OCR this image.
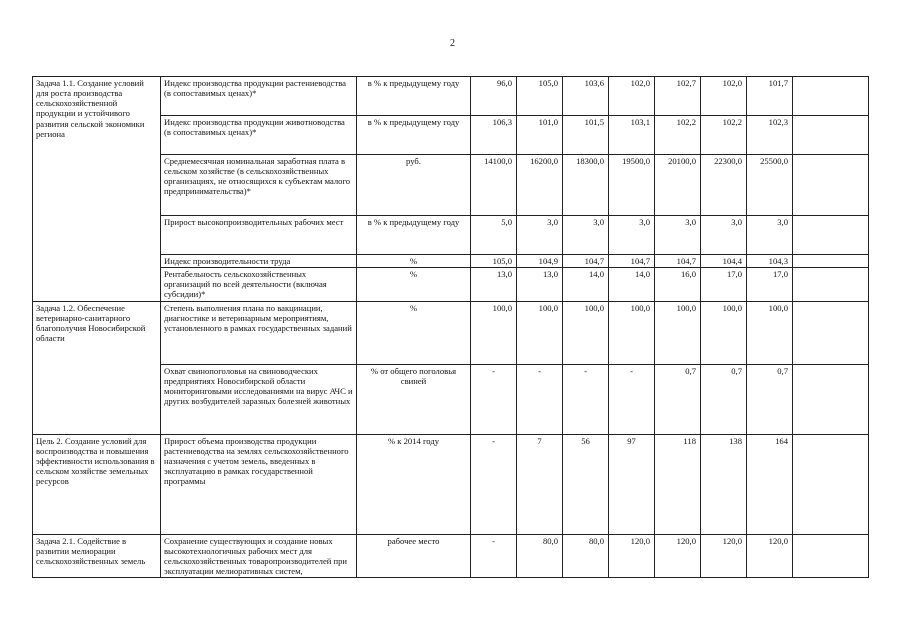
2
Задача 1.1. Создание условий для роста производства сельскохозяйственной продукции и устойчивого развития сельской экономики региона	Индекс производства продукции растениеводства (в сопоставимых ценах)*	в % к предыдущему году	96,0	105,0	103,6	102,0	102,7	102,0	101,7	
	Индекс производства продукции животноводства (в сопоставимых ценах)*	в % к предыдущему году	106,3	101,0	101,5	103,1	102,2	102,2	102,3	
	Среднемесячная номинальная заработная плата в сельском хозяйстве (в сельскохозяйственных организациях, не относящихся к субъектам малого предпринимательства)*	руб.	14100,0	16200,0	18300,0	19500,0	20100,0	22300,0	25500,0	
	Прирост высокопроизводительных рабочих мест	в % к предыдущему году	5,0	3,0	3,0	3,0	3,0	3,0	3,0	
	Индекс производительности труда	%	105,0	104,9	104,7	104,7	104,7	104,4	104,3	
	Рентабельность сельскохозяйственных организаций по всей деятельности (включая субсидии)*	%	13,0	13,0	14,0	14,0	16,0	17,0	17,0	
Задача 1.2. Обеспечение ветеринарно-санитарного благополучия Новосибирской области	Степень выполнения плана по вакцинации, диагностике и ветеринарным мероприятиям, установленного в рамках государственных заданий	%	100,0	100,0	100,0	100,0	100,0	100,0	100,0	
	Охват свинопоголовья на свиноводческих предприятиях Новосибирской области мониторинговыми исследованиями на вирус АЧС и других возбудителей заразных болезней животных	% от общего поголовья свиней	-	-	-	-	0,7	0,7	0,7	
Цель 2. Создание условий для воспроизводства и повышения эффективности использования в сельском хозяйстве земельных ресурсов	Прирост объема производства продукции растениеводства на землях сельскохозяйственного назначения с учетом земель, введенных в эксплуатацию в рамках государственной программы	% к 2014 году	-	7	56	97	118	138	164	
Задача 2.1. Содействие в развитии мелиорации сельскохозяйственных земель	Сохранение существующих и создание новых высокотехнологичных рабочих мест для сельскохозяйственных товаропроизводителей при эксплуатации мелиоративных систем,	рабочее место	-	80,0	80,0	120,0	120,0	120,0	120,0	
